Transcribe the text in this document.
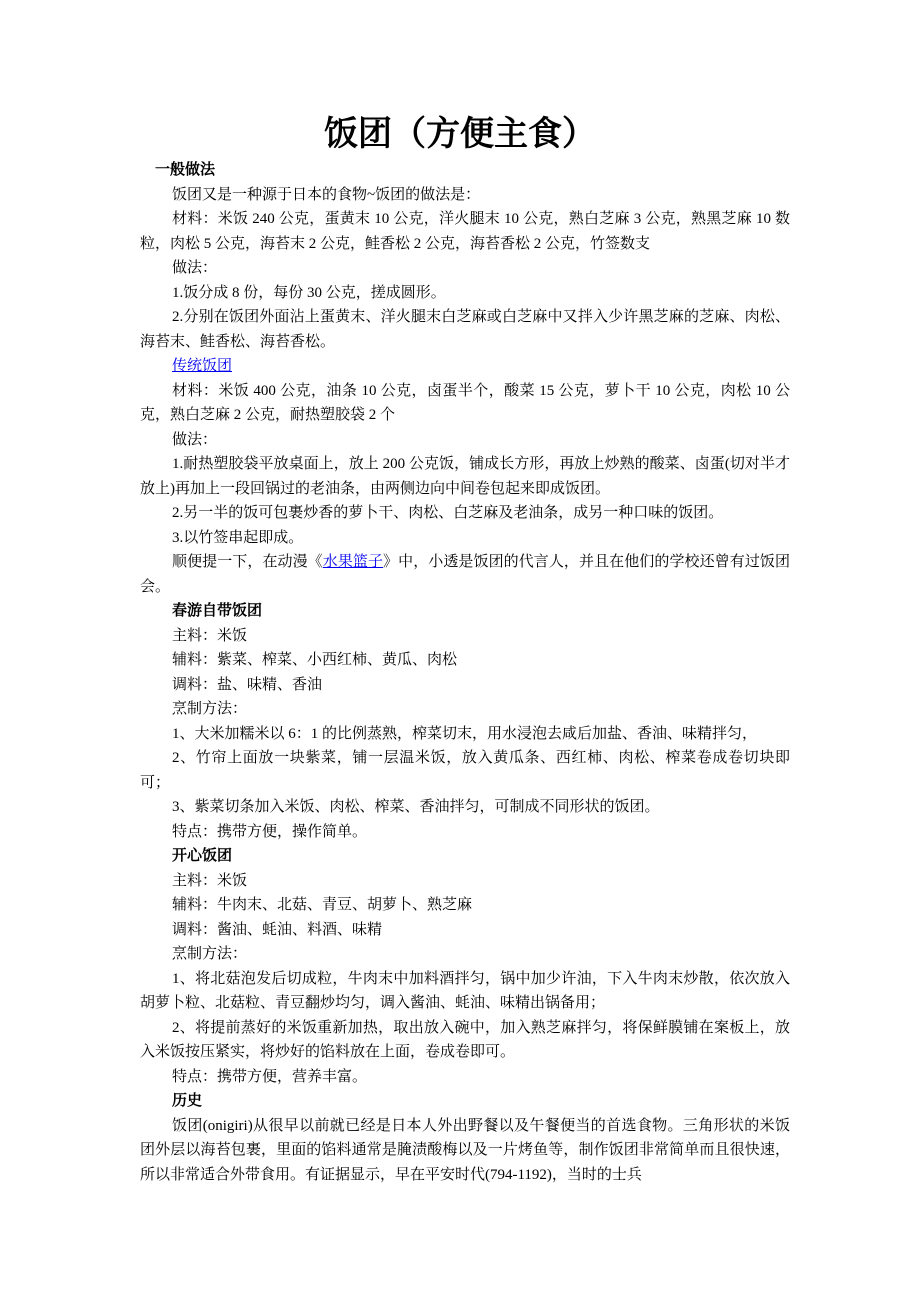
饭团（方便主食）

一般做法

饭团又是一种源于日本的食物~饭团的做法是：

材料：米饭 240 公克，蛋黄末 10 公克，洋火腿末 10 公克，熟白芝麻 3 公克，熟黑芝麻 10 数粒，肉松 5 公克，海苔末 2 公克，鲑香松 2 公克，海苔香松 2 公克，竹签数支

做法：

1.饭分成 8 份，每份 30 公克，搓成圆形。

2.分别在饭团外面沾上蛋黄末、洋火腿末白芝麻或白芝麻中又拌入少许黑芝麻的芝麻、肉松、海苔末、鲑香松、海苔香松。

传统饭团

材料：米饭 400 公克，油条 10 公克，卤蛋半个，酸菜 15 公克，萝卜干 10 公克，肉松 10 公克，熟白芝麻 2 公克，耐热塑胶袋 2 个

做法：

1.耐热塑胶袋平放桌面上，放上 200 公克饭，铺成长方形，再放上炒熟的酸菜、卤蛋(切对半才放上)再加上一段回锅过的老油条，由两侧边向中间卷包起来即成饭团。

2.另一半的饭可包裹炒香的萝卜干、肉松、白芝麻及老油条，成另一种口味的饭团。

3.以竹签串起即成。

顺便提一下，在动漫《水果篮子》中，小透是饭团的代言人，并且在他们的学校还曾有过饭团会。

春游自带饭团

主料：米饭

辅料：紫菜、榨菜、小西红柿、黄瓜、肉松

调料：盐、味精、香油

烹制方法：

1、大米加糯米以 6：1 的比例蒸熟，榨菜切末，用水浸泡去咸后加盐、香油、味精拌匀，

2、竹帘上面放一块紫菜，铺一层温米饭，放入黄瓜条、西红柿、肉松、榨菜卷成卷切块即可；

3、紫菜切条加入米饭、肉松、榨菜、香油拌匀，可制成不同形状的饭团。

特点：携带方便，操作简单。

开心饭团

主料：米饭

辅料：牛肉末、北菇、青豆、胡萝卜、熟芝麻

调料：酱油、蚝油、料酒、味精

烹制方法：

1、将北菇泡发后切成粒，牛肉末中加料酒拌匀，锅中加少许油，下入牛肉末炒散，依次放入胡萝卜粒、北菇粒、青豆翻炒均匀，调入酱油、蚝油、味精出锅备用；

2、将提前蒸好的米饭重新加热，取出放入碗中，加入熟芝麻拌匀，将保鲜膜铺在案板上，放入米饭按压紧实，将炒好的馅料放在上面，卷成卷即可。

特点：携带方便，营养丰富。

历史

饭团(onigiri)从很早以前就已经是日本人外出野餐以及午餐便当的首选食物。三角形状的米饭团外层以海苔包裹，里面的馅料通常是腌渍酸梅以及一片烤鱼等，制作饭团非常简单而且很快速，所以非常适合外带食用。有证据显示，早在平安时代(794-1192)，当时的士兵
